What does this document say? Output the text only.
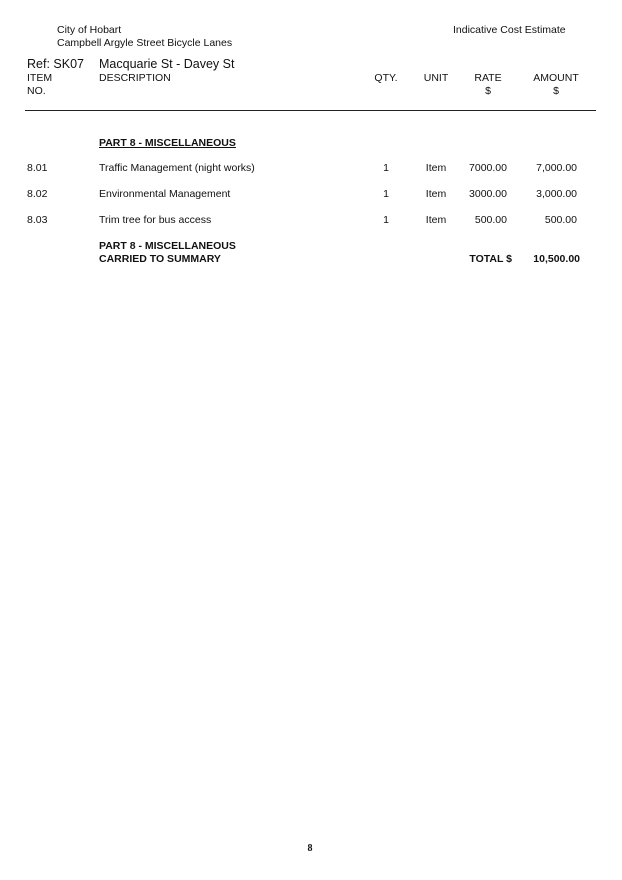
City of Hobart
Campbell Argyle Street Bicycle Lanes
Indicative Cost Estimate
Ref: SK07 Macquarie St - Davey St
ITEM
NO.
DESCRIPTION	QTY.	UNIT	RATE
$
AMOUNT
$
PART 8 - MISCELLANEOUS
8.01	Traffic Management (night works)	1	Item	7000.00	7,000.00
8.02	Environmental Management	1	Item	3000.00	3,000.00
8.03	Trim tree for bus access	1	Item	500.00	500.00
PART 8 - MISCELLANEOUS
CARRIED TO SUMMARY	TOTAL $	10,500.00
8
